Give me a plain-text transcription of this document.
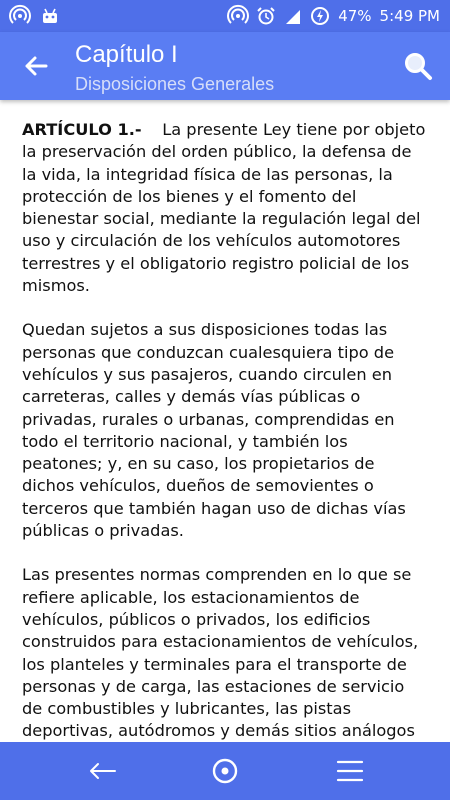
47% 5:49 PM
Capítulo I
Disposiciones Generales

ARTÍCULO 1.- La presente Ley tiene por objeto la preservación del orden público, la defensa de la vida, la integridad física de las personas, la protección de los bienes y el fomento del bienestar social, mediante la regulación legal del uso y circulación de los vehículos automotores terrestres y el obligatorio registro policial de los mismos.

Quedan sujetos a sus disposiciones todas las personas que conduzcan cualesquiera tipo de vehículos y sus pasajeros, cuando circulen en carreteras, calles y demás vías públicas o privadas, rurales o urbanas, comprendidas en todo el territorio nacional, y también los peatones; y, en su caso, los propietarios de dichos vehículos, dueños de semovientes o terceros que también hagan uso de dichas vías públicas o privadas.

Las presentes normas comprenden en lo que se refiere aplicable, los estacionamientos de vehículos, públicos o privados, los edificios construidos para estacionamientos de vehículos, los planteles y terminales para el transporte de personas y de carga, las estaciones de servicio de combustibles y lubricantes, las pistas deportivas, autódromos y demás sitios análogos
